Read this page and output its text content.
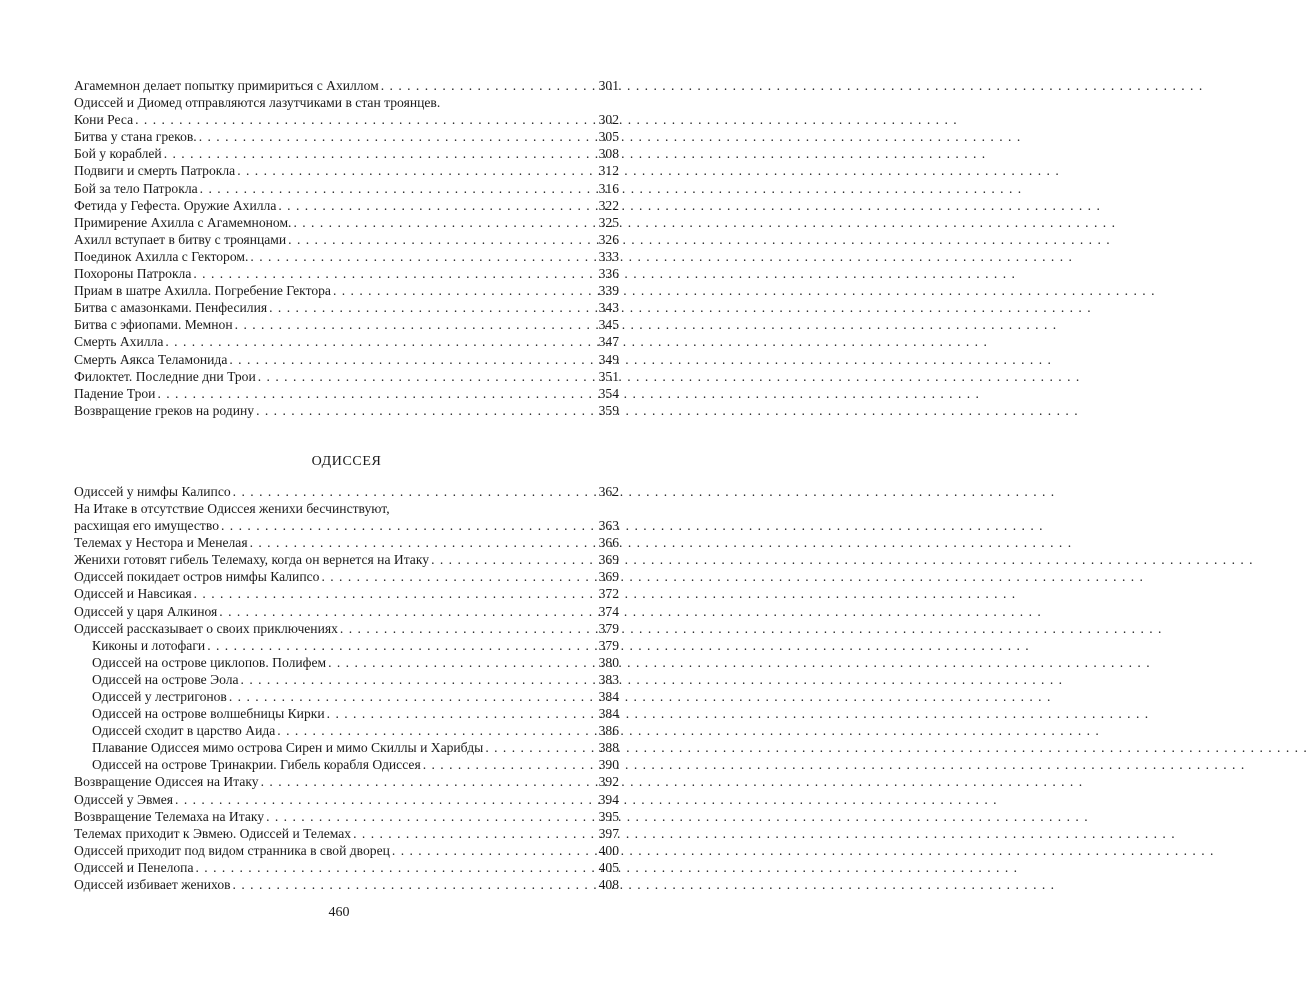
Агамемнон делает попытку примириться с Ахиллом . . .	301
Одиссей и Диомед отправляются лазутчиками в стан троянцев.
Кони Реса . . .	302
Битва у стана греков. . . .	305
Бой у кораблей . . .	308
Подвиги и смерть Патрокла . . .	312
Бой за тело Патрокла . . .	316
Фетида у Гефеста. Оружие Ахилла . . .	322
Примирение Ахилла с Агамемноном. . . .	325
Ахилл вступает в битву с троянцами . . .	326
Поединок Ахилла с Гектором. . . .	333
Похороны Патрокла . . .	336
Приам в шатре Ахилла. Погребение Гектора . . .	339
Битва с амазонками. Пенфесилия . . .	343
Битва с эфиопами. Мемнон . . .	345
Смерть Ахилла . . .	347
Смерть Аякса Теламонида . . .	349
Филоктет. Последние дни Трои . . .	351
Падение Трои . . .	354
Возвращение греков на родину . . .	359
ОДИССЕЯ
Одиссей у нимфы Калипсо . . .	362
На Итаке в отсутствие Одиссея женихи бесчинствуют,
расхищая его имущество . . .	363
Телемах у Нестора и Менелая . . .	366
Женихи готовят гибель Телемаху, когда он вернется на Итаку . . .	369
Одиссей покидает остров нимфы Калипсо . . .	369
Одиссей и Навсикая . . .	372
Одиссей у царя Алкиноя . . .	374
Одиссей рассказывает о своих приключениях . . .	379
Киконы и лотофаги . . .	379
Одиссей на острове циклопов. Полифем . . .	380
Одиссей на острове Эола . . .	383
Одиссей у лестригонов . . .	384
Одиссей на острове волшебницы Кирки . . .	384
Одиссей сходит в царство Аида . . .	386
Плавание Одиссея мимо острова Сирен и мимо Скиллы и Харибды . . .	388
Одиссей на острове Тринакрии. Гибель корабля Одиссея . . .	390
Возвращение Одиссея на Итаку . . .	392
Одиссей у Эвмея . . .	394
Возвращение Телемаха на Итаку . . .	395
Телемах приходит к Эвмею. Одиссей и Телемах . . .	397
Одиссей приходит под видом странника в свой дворец . . .	400
Одиссей и Пенелопа . . .	405
Одиссей избивает женихов . . .	408
460
